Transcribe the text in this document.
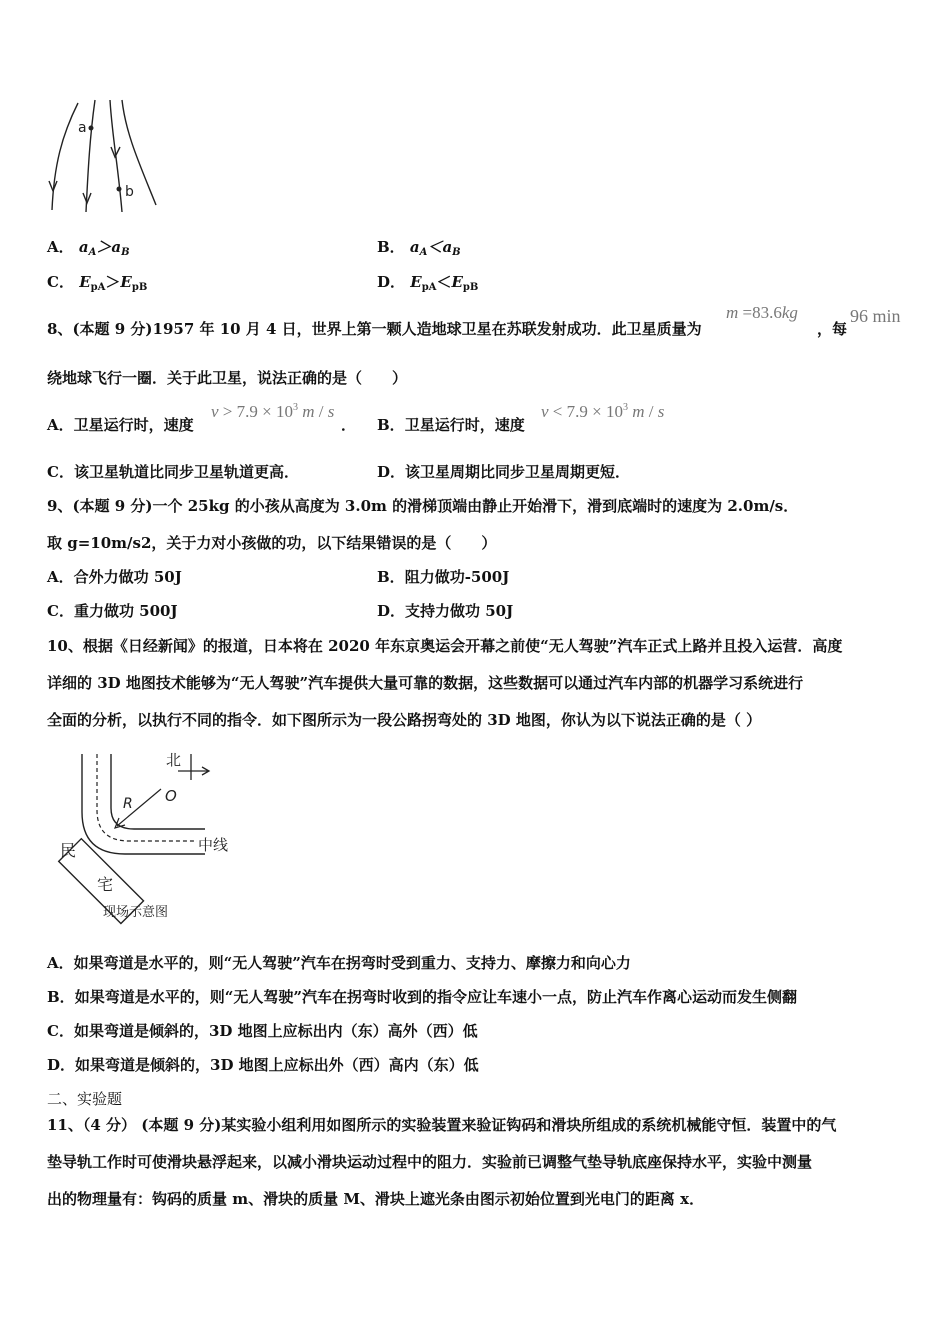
a
b
A． $a_A>a_B$	B． $a_A<a_B$
C． $E_{pA}>E_{pB}$	D． $E_{pA}<E_{pB}$
8、(本题 9 分)1957 年 10 月 4 日，世界上第一颗人造地球卫星在苏联发射成功．此卫星质量为
m =83.6kg
，每
96 min
绕地球飞行一圈．关于此卫星，说法正确的是（　　）
A．卫星运行时，速度
$v > 7.9 \times 10^3$ m / s
． B．卫星运行时，速度
$v < 7.9 \times 10^3$ m / s
C．该卫星轨道比同步卫星轨道更高．	D．该卫星周期比同步卫星周期更短．
9、(本题 9 分)一个 25kg 的小孩从高度为 3.0m 的滑梯顶端由静止开始滑下，滑到底端时的速度为 2.0m/s．
取 g=10m/s2，关于力对小孩做的功，以下结果错误的是（　　）
A．合外力做功 50J	B．阻力做功-500J
C．重力做功 500J	D．支持力做功 50J
10、根据《日经新闻》的报道，日本将在 2020 年东京奥运会开幕之前使“无人驾驶”汽车正式上路并且投入运营．高度
详细的 3D 地图技术能够为“无人驾驶”汽车提供大量可靠的数据，这些数据可以通过汽车内部的机器学习系统进行
全面的分析，以执行不同的指令．如下图所示为一段公路拐弯处的 3D 地图，你认为以下说法正确的是（ ）
北
R O
中线
民
宅
现场示意图
A．如果弯道是水平的，则“无人驾驶”汽车在拐弯时受到重力、支持力、摩擦力和向心力
B．如果弯道是水平的，则“无人驾驶”汽车在拐弯时收到的指令应让车速小一点，防止汽车作离心运动而发生侧翻
C．如果弯道是倾斜的，3D 地图上应标出内（东）高外（西）低
D．如果弯道是倾斜的，3D 地图上应标出外（西）高内（东）低
二、实验题
11、（4 分） (本题 9 分)某实验小组利用如图所示的实验装置来验证钩码和滑块所组成的系统机械能守恒．装置中的气
垫导轨工作时可使滑块悬浮起来，以减小滑块运动过程中的阻力．实验前已调整气垫导轨底座保持水平，实验中测量
出的物理量有：钩码的质量 m、滑块的质量 M、滑块上遮光条由图示初始位置到光电门的距离 x．
